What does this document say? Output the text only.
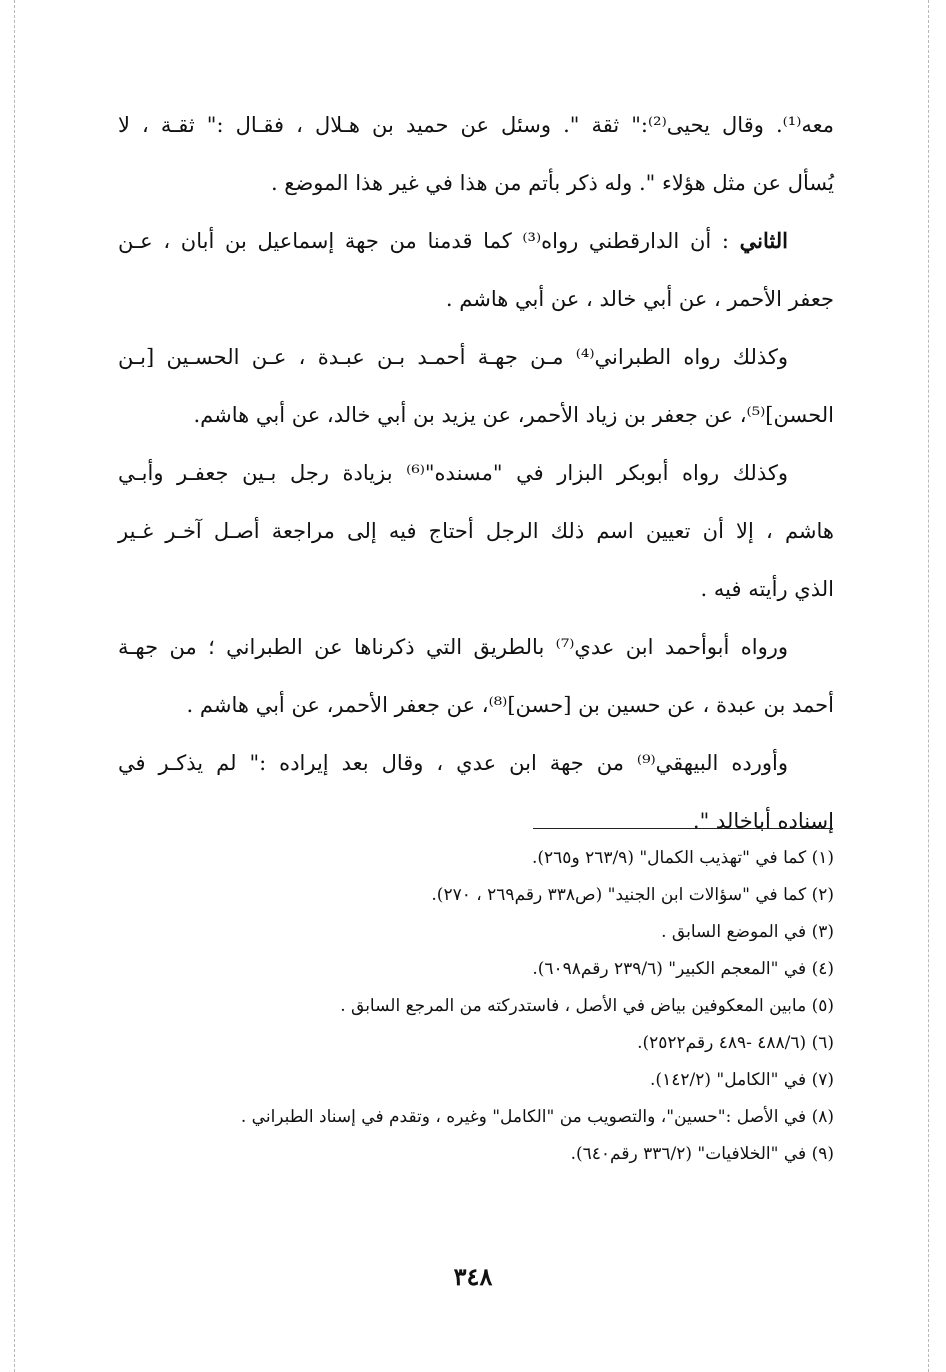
معه⁽¹⁾. وقال يحيى⁽²⁾:" ثقة ". وسئل عن حميد بن هـلال ، فقـال :" ثقـة ، لا
يُسأل عن مثل هؤلاء ". وله ذكر بأتم من هذا في غير هذا الموضع .
الثاني : أن الدارقطني رواه⁽³⁾ كما قدمنا من جهة إسماعيل بن أبان ، عـن
جعفر الأحمر ، عن أبي خالد ، عن أبي هاشم .
وكذلك رواه الطبراني⁽⁴⁾ مـن جهـة أحمـد بـن عبـدة ، عـن الحسـين [بـن
الحسن]⁽⁵⁾، عن جعفر بن زياد الأحمر، عن يزيد بن أبي خالد، عن أبي هاشم.
وكذلك رواه أبوبكر البزار في "مسنده"⁽⁶⁾ بزيادة رجل بـين جعفـر وأبـي
هاشم ، إلا أن تعيين اسم ذلك الرجل أحتاج فيه إلى مراجعة أصـل آخـر غـير
الذي رأيته فيه .
ورواه أبوأحمد ابن عدي⁽⁷⁾ بالطريق التي ذكرناها عن الطبراني ؛ من جهـة
أحمد بن عبدة ، عن حسين بن [حسن]⁽⁸⁾، عن جعفر الأحمر، عن أبي هاشم .
وأورده البيهقي⁽⁹⁾ من جهة ابن عدي ، وقال بعد إيراده :" لم يذكـر في
إسناده أباخالد ".
(١) كما في "تهذيب الكمال" (٢٦٣/٩ و٢٦٥).
(٢) كما في "سؤالات ابن الجنيد" (ص٣٣٨ رقم٢٦٩ ، ٢٧٠).
(٣) في الموضع السابق .
(٤) في "المعجم الكبير" (٢٣٩/٦ رقم٦٠٩٨).
(٥) مابين المعكوفين بياض في الأصل ، فاستدركته من المرجع السابق .
(٦) (٤٨٨/٦ -٤٨٩ رقم٢٥٢٢).
(٧) في "الكامل" (١٤٢/٢).
(٨) في الأصل :"حسين"، والتصويب من "الكامل" وغيره ، وتقدم في إسناد الطبراني .
(٩) في "الخلافيات" (٣٣٦/٢ رقم٦٤٠).
٣٤٨
